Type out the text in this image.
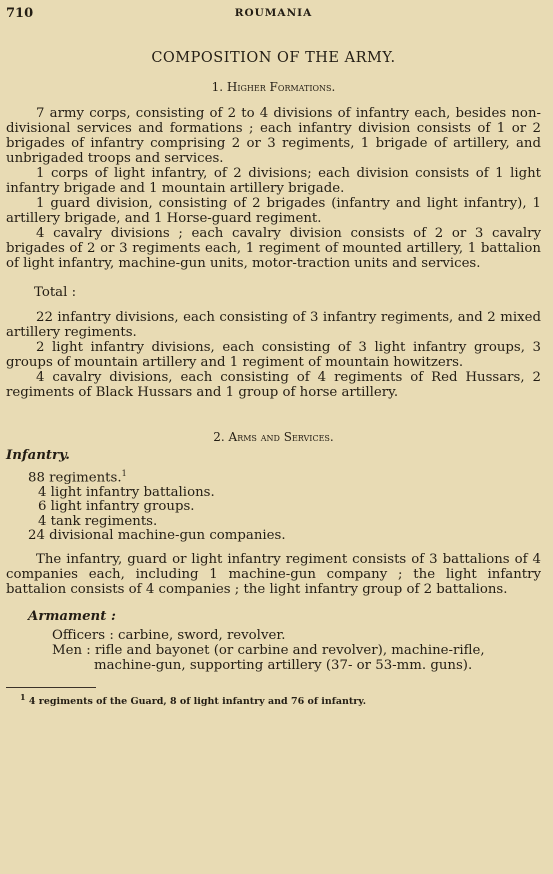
710	ROUMANIA
COMPOSITION OF THE ARMY.
1. Higher Formations.

7 army corps, consisting of 2 to 4 divisions of infantry each, besides non-divisional services and formations ; each infantry division consists of 1 or 2 brigades of infantry comprising 2 or 3 regiments, 1 brigade of artillery, and unbrigaded troops and services.

1 corps of light infantry, of 2 divisions; each division consists of 1 light infantry brigade and 1 mountain artillery brigade.

1 guard division, consisting of 2 brigades (infantry and light infantry), 1 artillery brigade, and 1 Horse-guard regiment.

4 cavalry divisions ; each cavalry division consists of 2 or 3 cavalry brigades of 2 or 3 regiments each, 1 regiment of mounted artillery, 1 battalion of light infantry, machine-gun units, motor-traction units and services.

Total :

22 infantry divisions, each consisting of 3 infantry regiments, and 2 mixed artillery regiments.

2 light infantry divisions, each consisting of 3 light infantry groups, 3 groups of mountain artillery and 1 regiment of mountain howitzers.

4 cavalry divisions, each consisting of 4 regiments of Red Hussars, 2 regiments of Black Hussars and 1 group of horse artillery.

2. Arms and Services.
Infantry.
88 regiments.$^1$
4 light infantry battalions.
6 light infantry groups.
4 tank regiments.
24 divisional machine-gun companies.

The infantry, guard or light infantry regiment consists of 3 battalions of 4 companies each, including 1 machine-gun company ; the light infantry battalion consists of 4 companies ; the light infantry group of 2 battalions.

Armament :
Officers : carbine, sword, revolver.
Men : rifle and bayonet (or carbine and revolver), machine-rifle, machine-gun, supporting artillery (37- or 53-mm. guns).
$^1$ 4 regiments of the Guard, 8 of light infantry and 76 of infantry.
